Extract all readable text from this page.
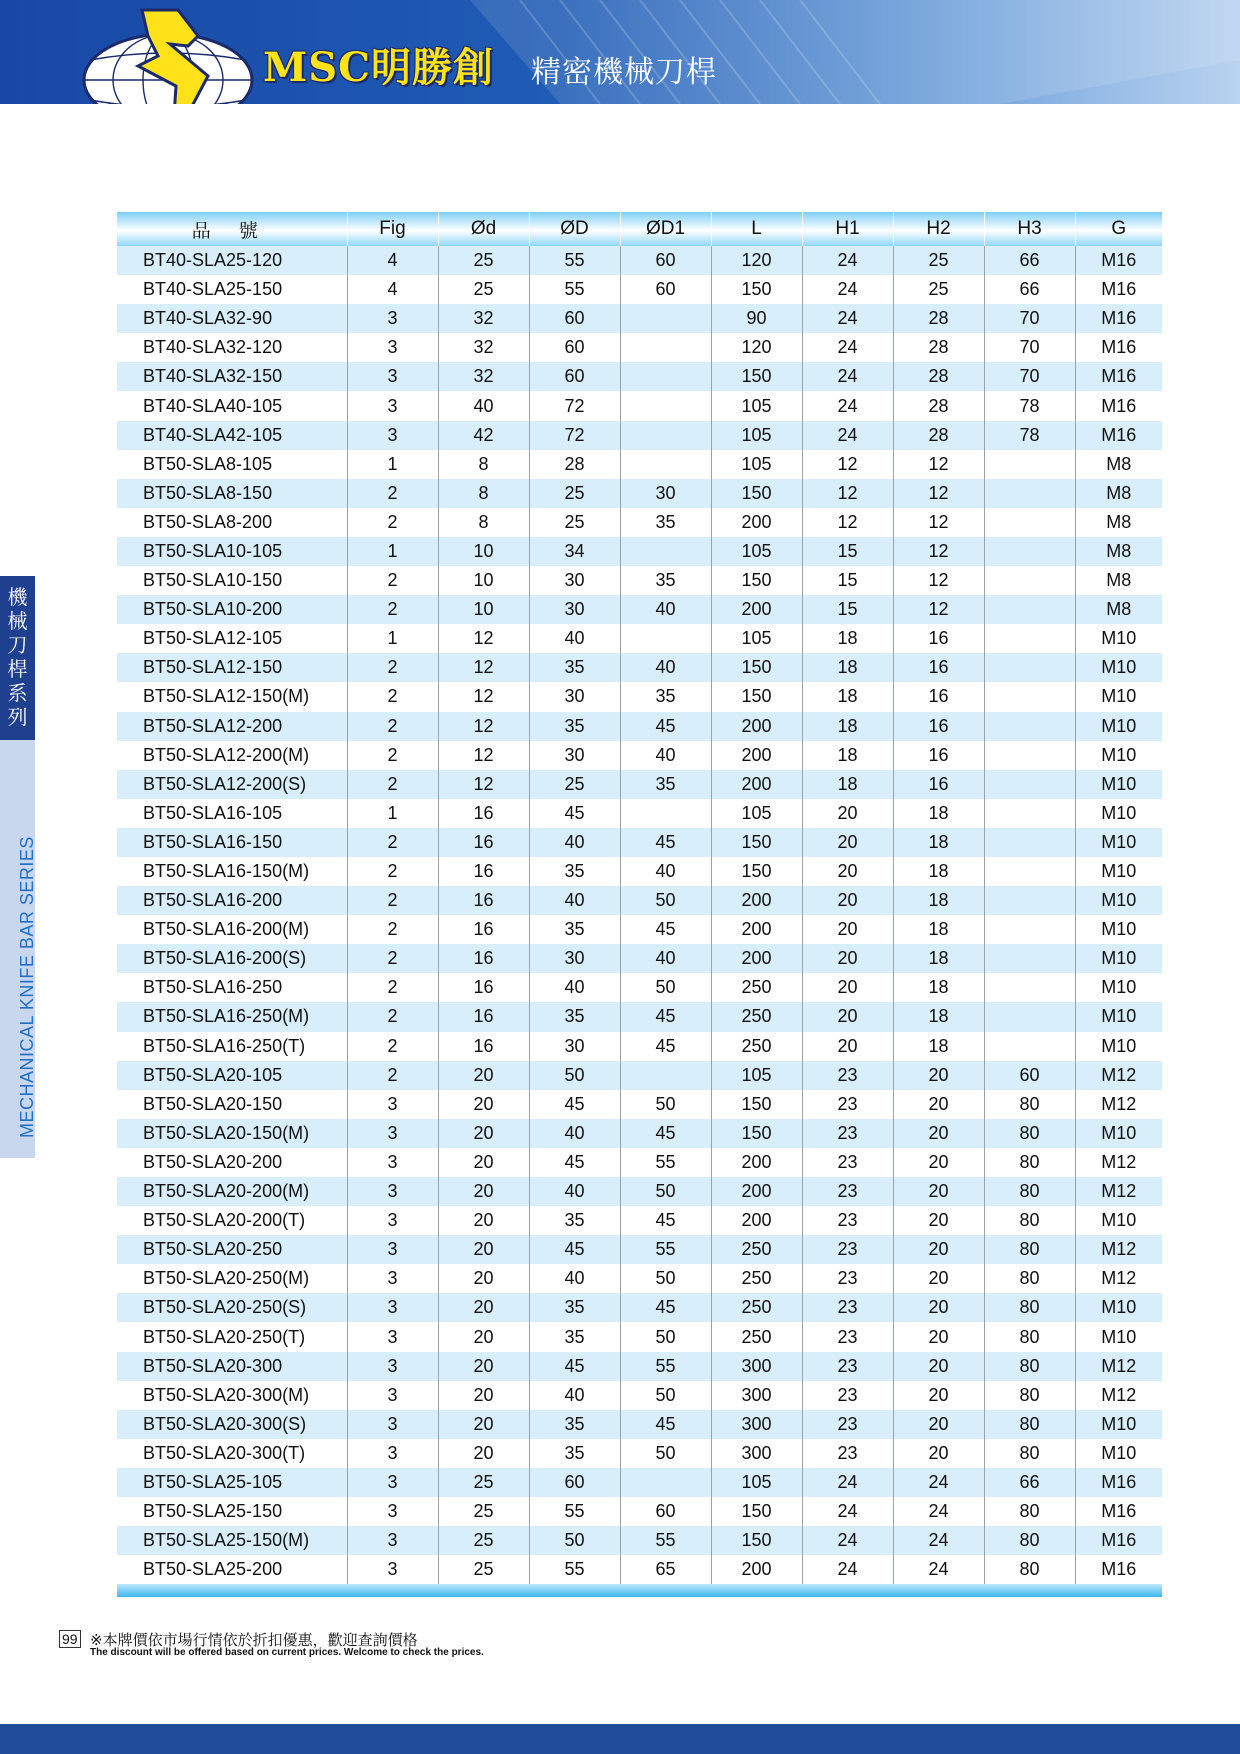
MSC明勝創 精密機械刀桿
機
械
刀
桿
系
列
MECHANICAL KNIFE BAR SERIES
品號	Fig	Ød	ØD	ØD1	L	H1	H2	H3	G
BT40-SLA25-120	4	25	55	60	120	24	25	66	M16
BT40-SLA25-150	4	25	55	60	150	24	25	66	M16
BT40-SLA32-90	3	32	60		90	24	28	70	M16
BT40-SLA32-120	3	32	60		120	24	28	70	M16
BT40-SLA32-150	3	32	60		150	24	28	70	M16
BT40-SLA40-105	3	40	72		105	24	28	78	M16
BT40-SLA42-105	3	42	72		105	24	28	78	M16
BT50-SLA8-105	1	8	28		105	12	12		M8
BT50-SLA8-150	2	8	25	30	150	12	12		M8
BT50-SLA8-200	2	8	25	35	200	12	12		M8
BT50-SLA10-105	1	10	34		105	15	12		M8
BT50-SLA10-150	2	10	30	35	150	15	12		M8
BT50-SLA10-200	2	10	30	40	200	15	12		M8
BT50-SLA12-105	1	12	40		105	18	16		M10
BT50-SLA12-150	2	12	35	40	150	18	16		M10
BT50-SLA12-150(M)	2	12	30	35	150	18	16		M10
BT50-SLA12-200	2	12	35	45	200	18	16		M10
BT50-SLA12-200(M)	2	12	30	40	200	18	16		M10
BT50-SLA12-200(S)	2	12	25	35	200	18	16		M10
BT50-SLA16-105	1	16	45		105	20	18		M10
BT50-SLA16-150	2	16	40	45	150	20	18		M10
BT50-SLA16-150(M)	2	16	35	40	150	20	18		M10
BT50-SLA16-200	2	16	40	50	200	20	18		M10
BT50-SLA16-200(M)	2	16	35	45	200	20	18		M10
BT50-SLA16-200(S)	2	16	30	40	200	20	18		M10
BT50-SLA16-250	2	16	40	50	250	20	18		M10
BT50-SLA16-250(M)	2	16	35	45	250	20	18		M10
BT50-SLA16-250(T)	2	16	30	45	250	20	18		M10
BT50-SLA20-105	2	20	50		105	23	20	60	M12
BT50-SLA20-150	3	20	45	50	150	23	20	80	M12
BT50-SLA20-150(M)	3	20	40	45	150	23	20	80	M10
BT50-SLA20-200	3	20	45	55	200	23	20	80	M12
BT50-SLA20-200(M)	3	20	40	50	200	23	20	80	M12
BT50-SLA20-200(T)	3	20	35	45	200	23	20	80	M10
BT50-SLA20-250	3	20	45	55	250	23	20	80	M12
BT50-SLA20-250(M)	3	20	40	50	250	23	20	80	M12
BT50-SLA20-250(S)	3	20	35	45	250	23	20	80	M10
BT50-SLA20-250(T)	3	20	35	50	250	23	20	80	M10
BT50-SLA20-300	3	20	45	55	300	23	20	80	M12
BT50-SLA20-300(M)	3	20	40	50	300	23	20	80	M12
BT50-SLA20-300(S)	3	20	35	45	300	23	20	80	M10
BT50-SLA20-300(T)	3	20	35	50	300	23	20	80	M10
BT50-SLA25-105	3	25	60		105	24	24	66	M16
BT50-SLA25-150	3	25	55	60	150	24	24	80	M16
BT50-SLA25-150(M)	3	25	50	55	150	24	24	80	M16
BT50-SLA25-200	3	25	55	65	200	24	24	80	M16
99 ※本牌價依市場行情依於折扣優惠，歡迎查詢價格
The discount will be offered based on current prices. Welcome to check the prices.
